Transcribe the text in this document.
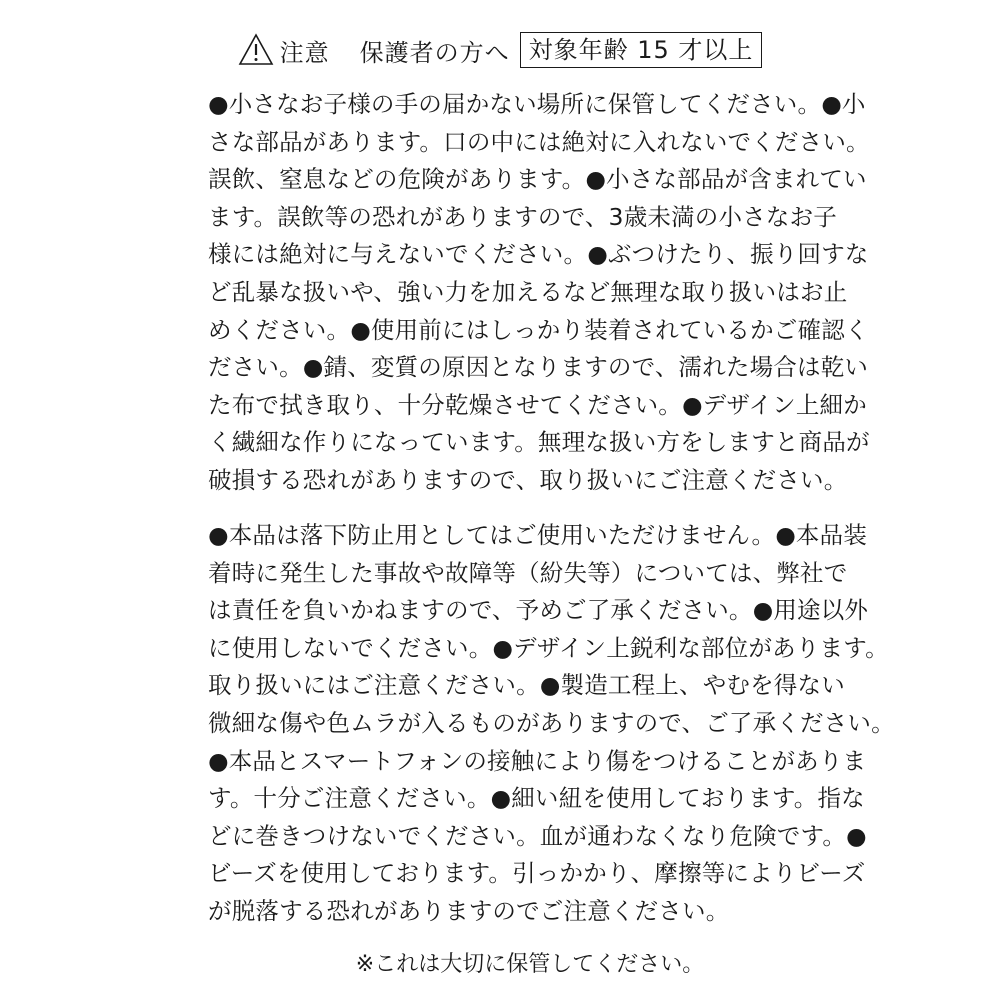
注意 保護者の方へ 対象年齢 15 才以上
●小さなお子様の手の届かない場所に保管してください。●小
さな部品があります。口の中には絶対に入れないでください。
誤飲、窒息などの危険があります。●小さな部品が含まれてい
ます。誤飲等の恐れがありますので、3歳未満の小さなお子
様には絶対に与えないでください。●ぶつけたり、振り回すな
ど乱暴な扱いや、強い力を加えるなど無理な取り扱いはお止
めください。●使用前にはしっかり装着されているかご確認く
ださい。●錆、変質の原因となりますので、濡れた場合は乾い
た布で拭き取り、十分乾燥させてください。●デザイン上細か
く繊細な作りになっています。無理な扱い方をしますと商品が
破損する恐れがありますので、取り扱いにご注意ください。
●本品は落下防止用としてはご使用いただけません。●本品装
着時に発生した事故や故障等（紛失等）については、弊社で
は責任を負いかねますので、予めご了承ください。●用途以外
に使用しないでください。●デザイン上鋭利な部位があります。
取り扱いにはご注意ください。●製造工程上、やむを得ない
微細な傷や色ムラが入るものがありますので、ご了承ください。
●本品とスマートフォンの接触により傷をつけることがありま
す。十分ご注意ください。●細い紐を使用しております。指な
どに巻きつけないでください。血が通わなくなり危険です。●
ビーズを使用しております。引っかかり、摩擦等によりビーズ
が脱落する恐れがありますのでご注意ください。
※これは大切に保管してください。
